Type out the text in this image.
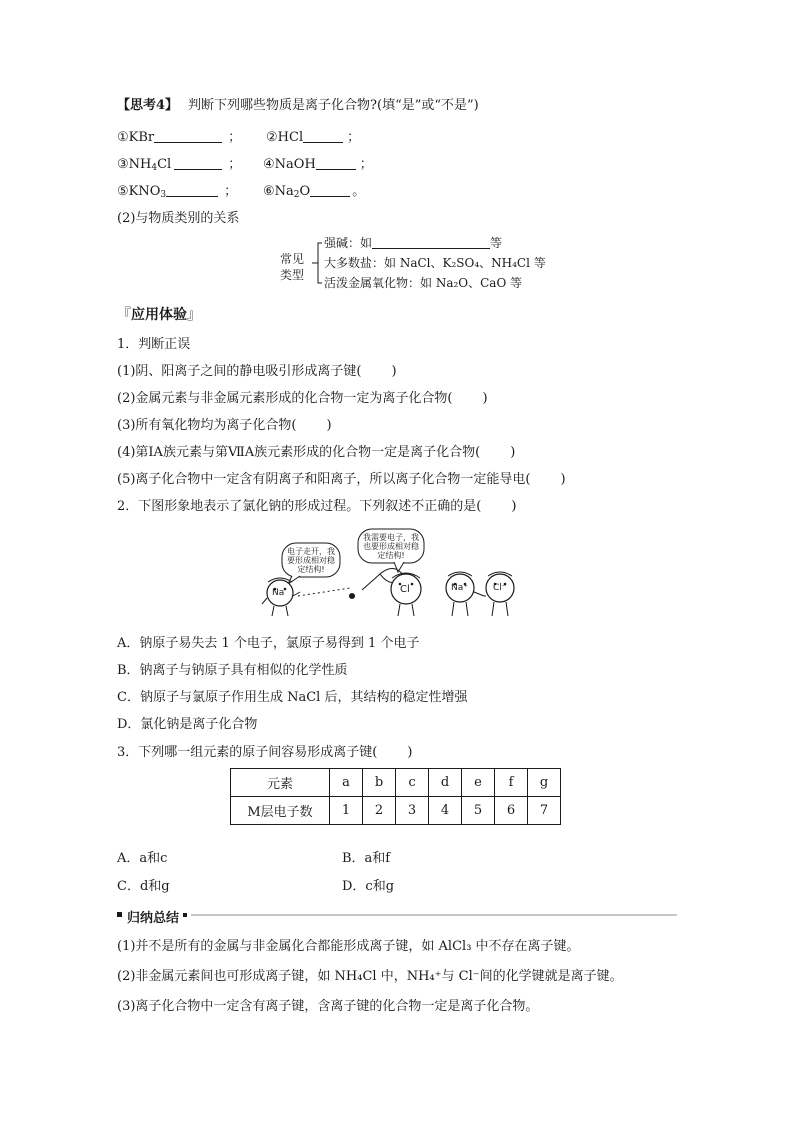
【思考4】 判断下列哪些物质是离子化合物?(填“是”或“不是”)
①KBr	； ②HCl	；
$③NH_4Cl$	； ④NaOH	；
$⑤KNO_3$	； $⑥Na_2O$	。
(2)与物质类别的关系
常见
类型
强碱：如	等
大多数盐：如 NaCl、K₂SO₄、NH₄Cl 等
活泼金属氧化物：如 Na₂O、CaO 等
『应用体验』
1．判断正误
(1)阴、阳离子之间的静电吸引形成离子键( )
(2)金属元素与非金属元素形成的化合物一定为离子化合物( )
(3)所有氧化物均为离子化合物( )
(4)第ⅠA族元素与第ⅦA族元素形成的化合物一定是离子化合物( )
(5)离子化合物中一定含有阴离子和阳离子，所以离子化合物一定能导电( )
2．下图形象地表示了氯化钠的形成过程。下列叙述不正确的是( )
电子走开，我
要形成相对稳
定结构!
我需要电子，我
也要形成相对稳
定结构!
Na	Cl	Na⁺	Cl⁻
A．钠原子易失去 1 个电子，氯原子易得到 1 个电子
B．钠离子与钠原子具有相似的化学性质
C．钠原子与氯原子作用生成 NaCl 后，其结构的稳定性增强
D．氯化钠是离子化合物
3．下列哪一组元素的原子间容易形成离子键( )
元素	a	b	c	d	e	f	g
M层电子数	1	2	3	4	5	6	7
A．a和c	B．a和f
C．d和g	D．c和g
归纳总结
(1)并不是所有的金属与非金属化合都能形成离子键，如 AlCl₃ 中不存在离子键。
(2)非金属元素间也可形成离子键，如 NH₄Cl 中，NH₄⁺与 Cl⁻间的化学键就是离子键。
(3)离子化合物中一定含有离子键，含离子键的化合物一定是离子化合物。
